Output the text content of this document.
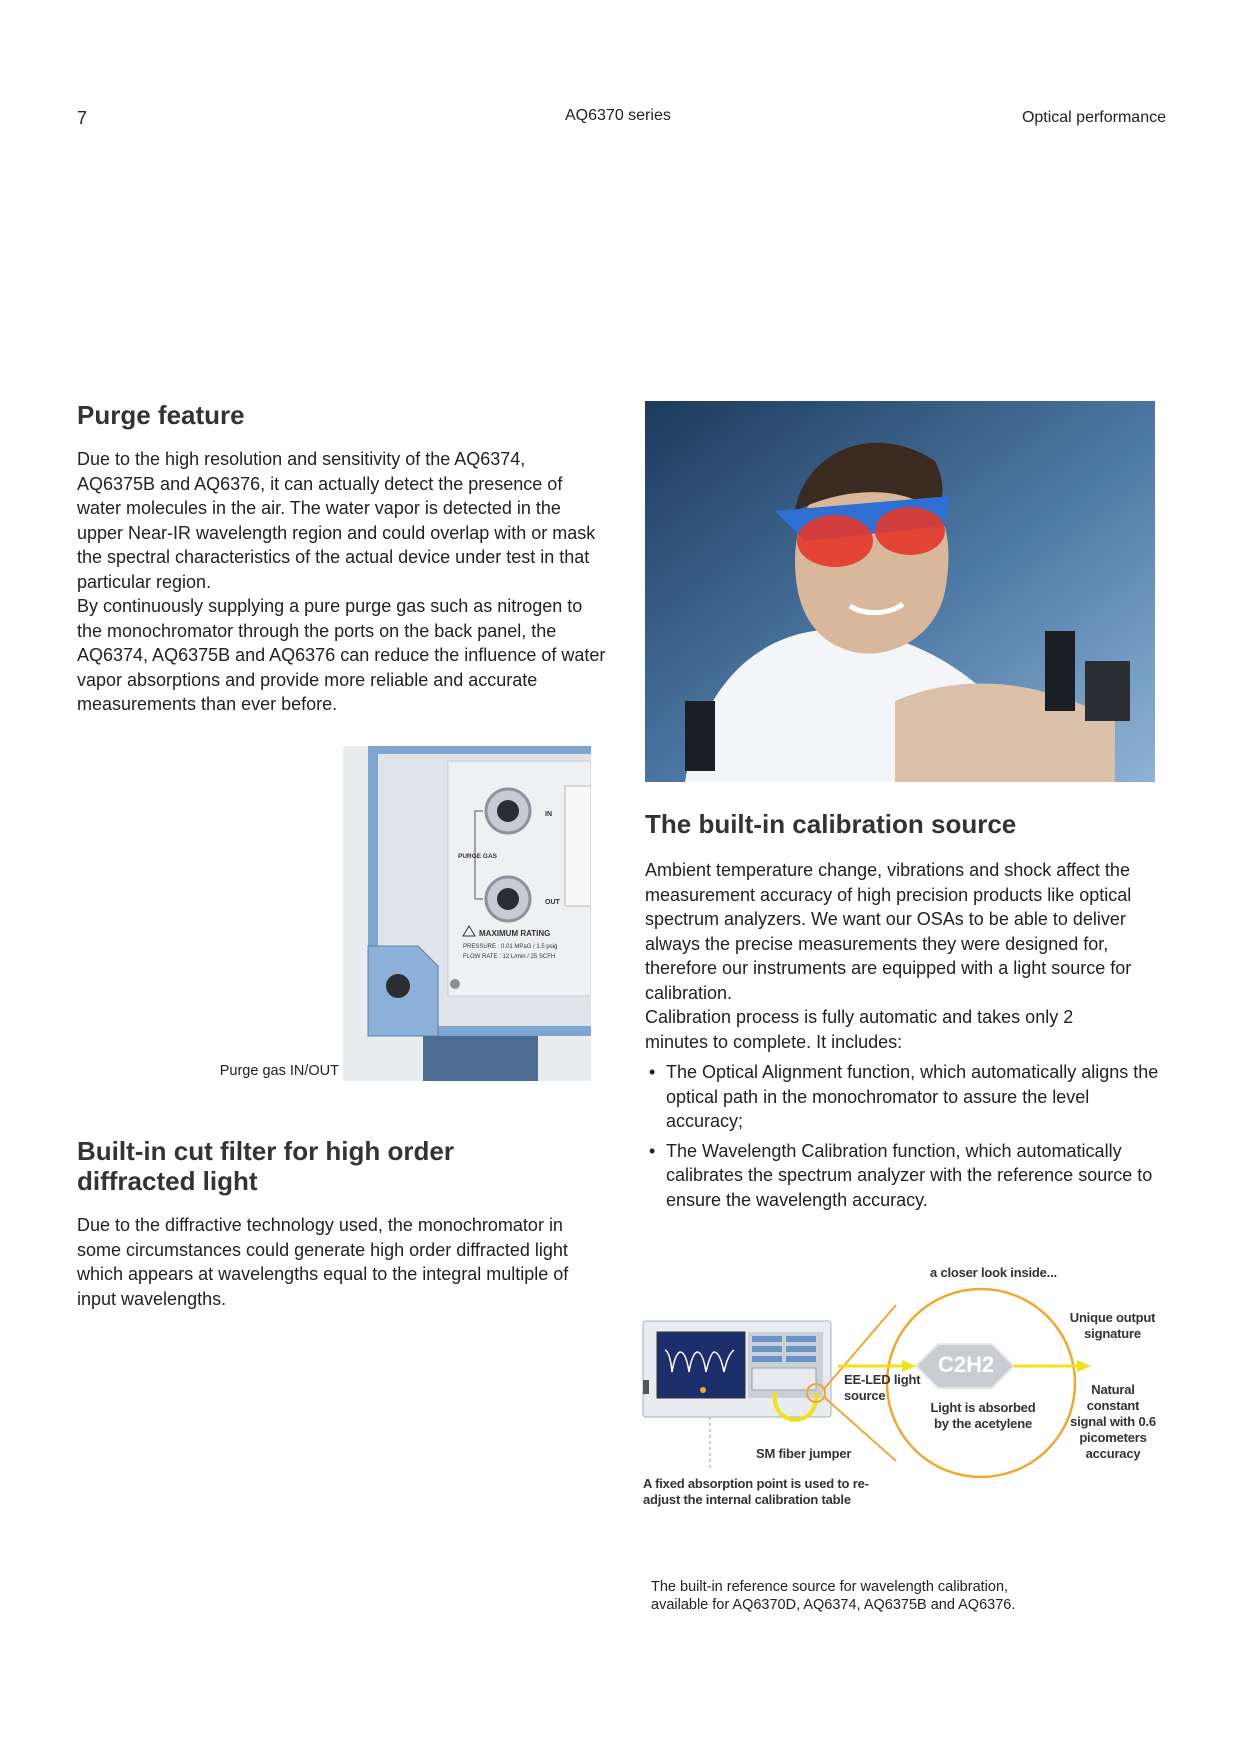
7	AQ6370 series	Optical performance
Purge feature

Due to the high resolution and sensitivity of the AQ6374, AQ6375B and AQ6376, it can actually detect the presence of water molecules in the air. The water vapor is detected in the upper Near-IR wavelength region and could overlap with or mask the spectral characteristics of the actual device under test in that particular region.

By continuously supplying a pure purge gas such as nitrogen to the monochromator through the ports on the back panel, the AQ6374, AQ6375B and AQ6376 can reduce the influence of water vapor absorptions and provide more reliable and accurate measurements than ever before.

IN
OUT
PURGE GAS
MAXIMUM RATING
PRESSURE : 0.01 MPaG / 1.5 psig
FLOW RATE : 12 L/min / 25 SCFH
Purge gas IN/OUT
Built-in cut filter for high order diffracted light
Due to the diffractive technology used, the monochromator in some circumstances could generate high order diffracted light which appears at wavelengths equal to the integral multiple of input wavelengths.
The built-in calibration source

Ambient temperature change, vibrations and shock affect the measurement accuracy of high precision products like optical spectrum analyzers. We want our OSAs to be able to deliver always the precise measurements they were designed for, therefore our instruments are equipped with a light source for calibration.

Calibration process is fully automatic and takes only 2 minutes to complete. It includes:

• The Optical Alignment function, which automatically aligns the optical path in the monochromator to assure the level accuracy;
• The Wavelength Calibration function, which automatically calibrates the spectrum analyzer with the reference source to ensure the wavelength accuracy.
a closer look inside...
Unique output signature
EE-LED light source
C2H2
Light is absorbed by the acetylene
Natural constant signal with 0.6 picometers accuracy
SM fiber jumper
A fixed absorption point is used to re-adjust the internal calibration table
The built-in reference source for wavelength calibration, available for AQ6370D, AQ6374, AQ6375B and AQ6376.
